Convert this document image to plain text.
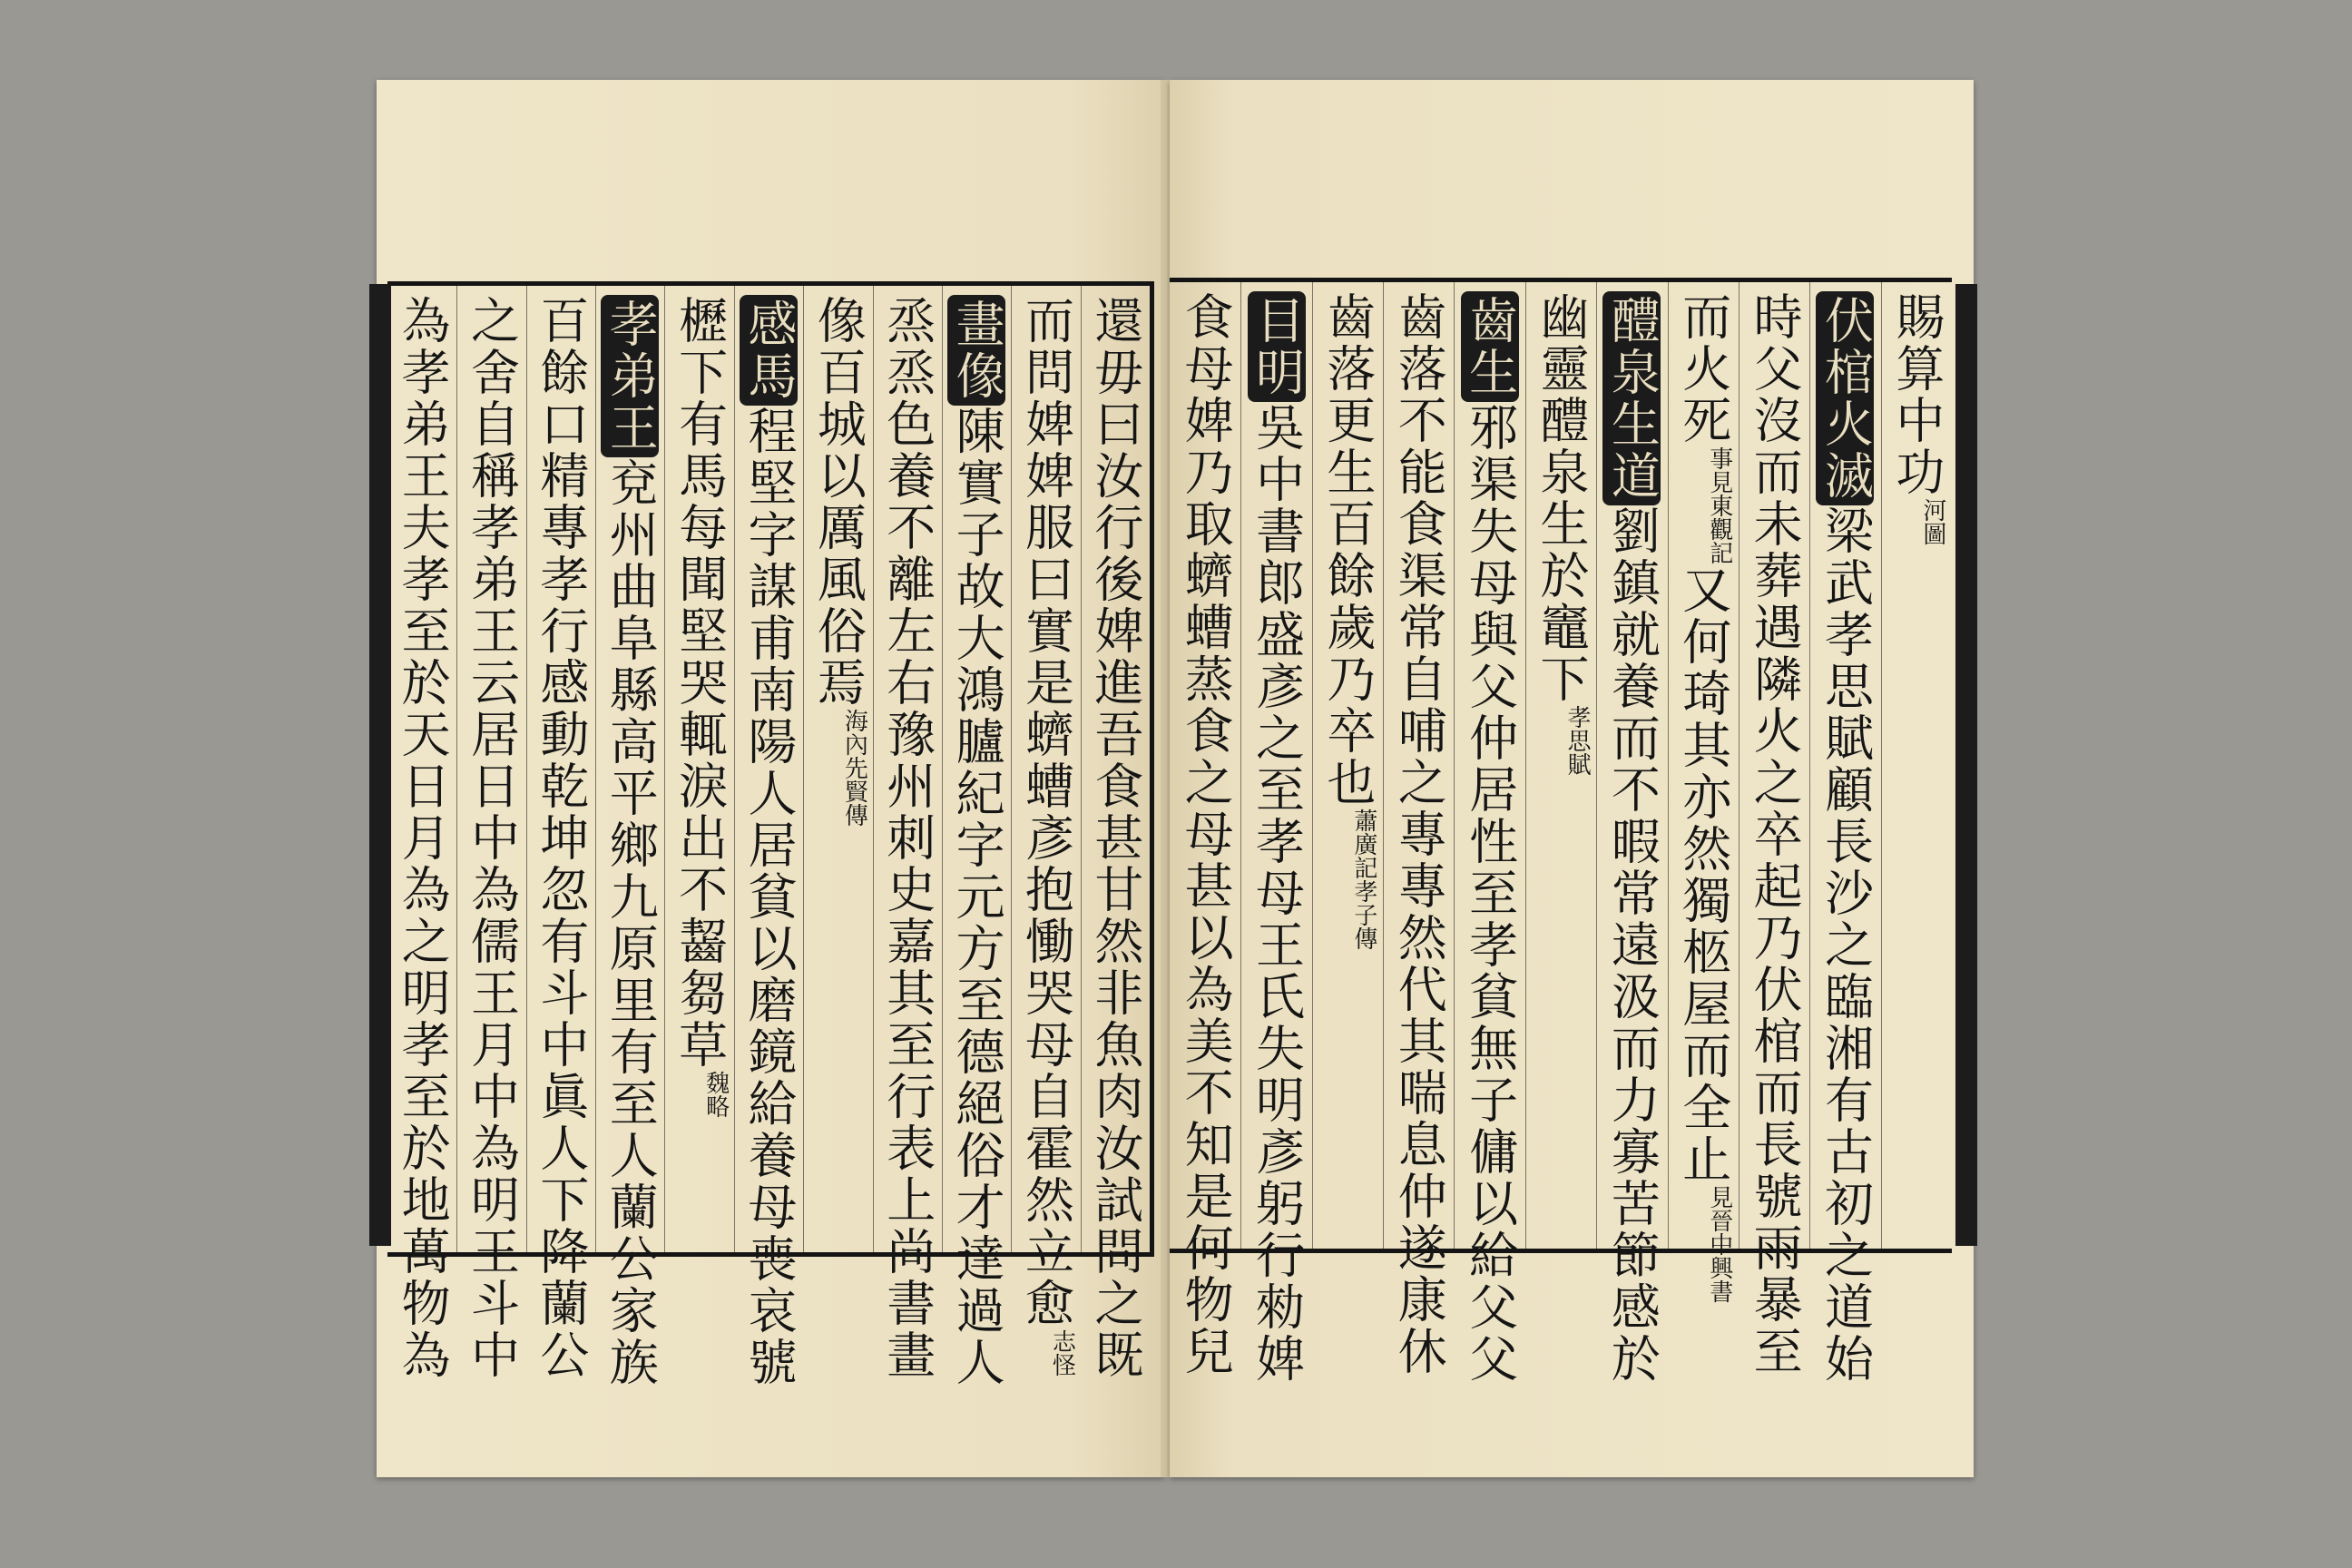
還毋曰汝行後婢進吾食甚甘然非魚肉汝試問之既
而問婢婢服曰實是蠐螬彥抱慟哭母自霍然立愈$^{志怪}$
畫像陳實子故大鴻臚紀字元方至德絕俗才達過人
烝烝色養不離左右豫州刺史嘉其至行表上尚書畫
像百城以厲風俗焉$^{海內先賢傳}$
感馬程堅字謀甫南陽人居貧以磨鏡給養母喪哀號
櫪下有馬每聞堅哭輒淚出不齧芻草$^{魏略}$
孝弟王兗州曲阜縣高平鄉九原里有至人蘭公家族
百餘口精專孝行感動乾坤忽有斗中眞人下降蘭公
之舍自稱孝弟王云居日中為儒王月中為明王斗中
為孝弟王夫孝至於天日月為之明孝至於地萬物為	賜算中功$^{河圖}$
伏棺火滅梁武孝思賦顧長沙之臨湘有古初之道始
時父沒而未葬遇隣火之卒起乃伏棺而長號雨暴至
而火死$^{事見東觀記}$又何琦其亦然獨柩屋而全止$^{見晉中興書}$
醴泉生道劉鎮就養而不暇常遠汲而力寡苦節感於
幽靈醴泉生於竈下$^{孝思賦}$
齒生邪渠失母與父仲居性至孝貧無子傭以給父父
齒落不能食渠常自哺之專專然代其喘息仲遂康休
齒落更生百餘歲乃卒也$^{蕭廣記孝子傳}$
目明吳中書郎盛彥之至孝母王氏失明彥躬行勑婢
食母婢乃取蠐螬蒸食之母甚以為美不知是何物兒
